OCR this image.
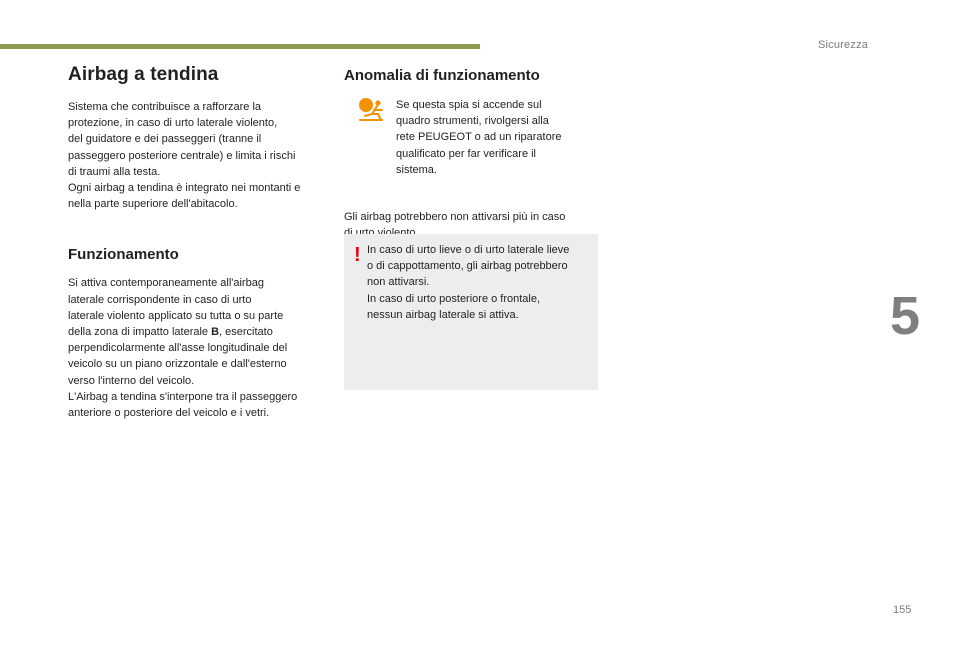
Sicurezza
5
155
Airbag a tendina

Sistema che contribuisce a rafforzare la
protezione, in caso di urto laterale violento,
del guidatore e dei passeggeri (tranne il
passeggero posteriore centrale) e limita i rischi
di traumi alla testa.
Ogni airbag a tendina è integrato nei montanti e
nella parte superiore dell'abitacolo.

Funzionamento

Si attiva contemporaneamente all'airbag
laterale corrispondente in caso di urto
laterale violento applicato su tutta o su parte
della zona di impatto laterale B, esercitato
perpendicolarmente all'asse longitudinale del
veicolo su un piano orizzontale e dall'esterno
verso l'interno del veicolo.
L'Airbag a tendina s'interpone tra il passeggero
anteriore o posteriore del veicolo e i vetri.

Anomalia di funzionamento

Se questa spia si accende sul
quadro strumenti, rivolgersi alla
rete PEUGEOT o ad un riparatore
qualificato per far verificare il
sistema.

Gli airbag potrebbero non attivarsi più in caso

! In caso di urto lieve o di urto laterale lieve
o di cappottamento, gli airbag potrebbero
non attivarsi.
In caso di urto posteriore o frontale,
nessun airbag laterale si attiva.
